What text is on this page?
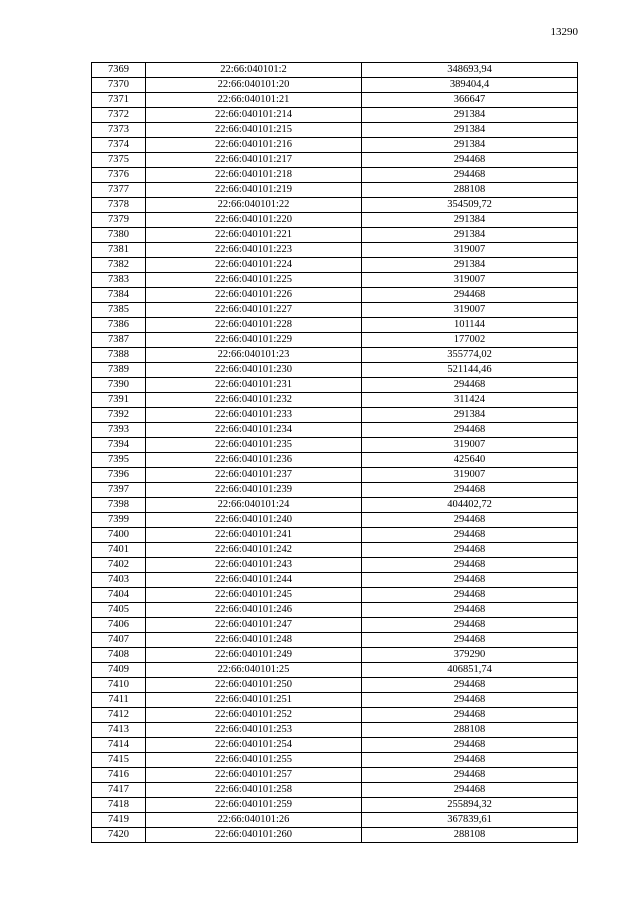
13290
7369	22:66:040101:2	348693,94
7370	22:66:040101:20	389404,4
7371	22:66:040101:21	366647
7372	22:66:040101:214	291384
7373	22:66:040101:215	291384
7374	22:66:040101:216	291384
7375	22:66:040101:217	294468
7376	22:66:040101:218	294468
7377	22:66:040101:219	288108
7378	22:66:040101:22	354509,72
7379	22:66:040101:220	291384
7380	22:66:040101:221	291384
7381	22:66:040101:223	319007
7382	22:66:040101:224	291384
7383	22:66:040101:225	319007
7384	22:66:040101:226	294468
7385	22:66:040101:227	319007
7386	22:66:040101:228	101144
7387	22:66:040101:229	177002
7388	22:66:040101:23	355774,02
7389	22:66:040101:230	521144,46
7390	22:66:040101:231	294468
7391	22:66:040101:232	311424
7392	22:66:040101:233	291384
7393	22:66:040101:234	294468
7394	22:66:040101:235	319007
7395	22:66:040101:236	425640
7396	22:66:040101:237	319007
7397	22:66:040101:239	294468
7398	22:66:040101:24	404402,72
7399	22:66:040101:240	294468
7400	22:66:040101:241	294468
7401	22:66:040101:242	294468
7402	22:66:040101:243	294468
7403	22:66:040101:244	294468
7404	22:66:040101:245	294468
7405	22:66:040101:246	294468
7406	22:66:040101:247	294468
7407	22:66:040101:248	294468
7408	22:66:040101:249	379290
7409	22:66:040101:25	406851,74
7410	22:66:040101:250	294468
7411	22:66:040101:251	294468
7412	22:66:040101:252	294468
7413	22:66:040101:253	288108
7414	22:66:040101:254	294468
7415	22:66:040101:255	294468
7416	22:66:040101:257	294468
7417	22:66:040101:258	294468
7418	22:66:040101:259	255894,32
7419	22:66:040101:26	367839,61
7420	22:66:040101:260	288108
